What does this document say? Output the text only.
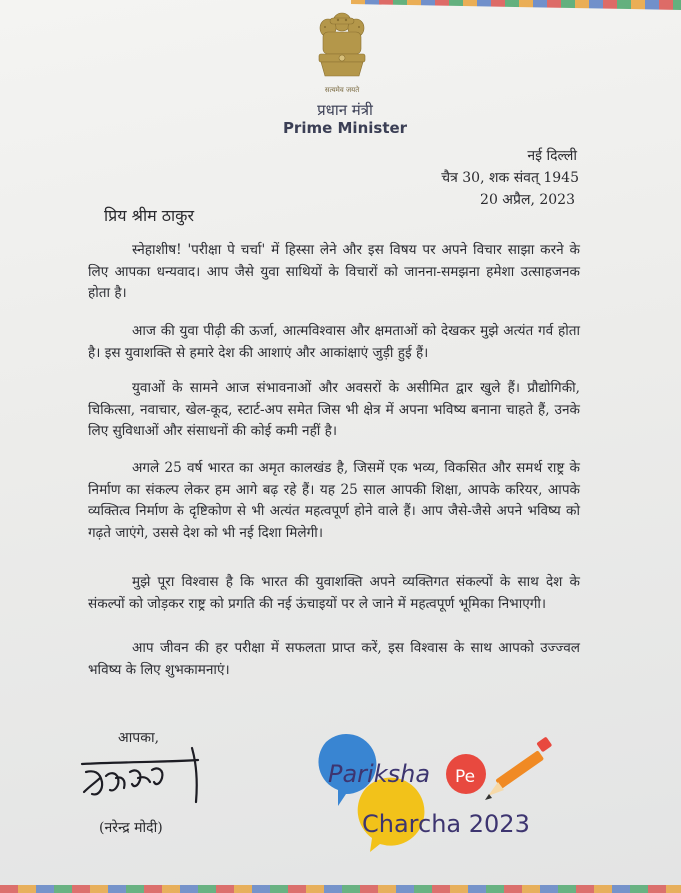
सत्यमेव जयते
प्रधान मंत्री
Prime Minister
नई दिल्ली
चैत्र 30, शक संवत् 1945
20 अप्रैल, 2023
प्रिय श्रीम ठाकुर
स्नेहाशीष! 'परीक्षा पे चर्चा' में हिस्सा लेने और इस विषय पर अपने विचार साझा करने के लिए आपका धन्यवाद। आप जैसे युवा साथियों के विचारों को जानना-समझना हमेशा उत्साहजनक होता है।
आज की युवा पीढ़ी की ऊर्जा, आत्मविश्वास और क्षमताओं को देखकर मुझे अत्यंत गर्व होता है। इस युवाशक्ति से हमारे देश की आशाएं और आकांक्षाएं जुड़ी हुई हैं।
युवाओं के सामने आज संभावनाओं और अवसरों के असीमित द्वार खुले हैं। प्रौद्योगिकी, चिकित्सा, नवाचार, खेल-कूद, स्टार्ट-अप समेत जिस भी क्षेत्र में अपना भविष्य बनाना चाहते हैं, उनके लिए सुविधाओं और संसाधनों की कोई कमी नहीं है।
अगले 25 वर्ष भारत का अमृत कालखंड है, जिसमें एक भव्य, विकसित और समर्थ राष्ट्र के निर्माण का संकल्प लेकर हम आगे बढ़ रहे हैं। यह 25 साल आपकी शिक्षा, आपके करियर, आपके व्यक्तित्व निर्माण के दृष्टिकोण से भी अत्यंत महत्वपूर्ण होने वाले हैं। आप जैसे-जैसे अपने भविष्य को गढ़ते जाएंगे, उससे देश को भी नई दिशा मिलेगी।
मुझे पूरा विश्वास है कि भारत की युवाशक्ति अपने व्यक्तिगत संकल्पों के साथ देश के संकल्पों को जोड़कर राष्ट्र को प्रगति की नई ऊंचाइयों पर ले जाने में महत्वपूर्ण भूमिका निभाएगी।
आप जीवन की हर परीक्षा में सफलता प्राप्त करें, इस विश्वास के साथ आपको उज्ज्वल भविष्य के लिए शुभकामनाएं।
आपका,
(नरेन्द्र मोदी)
Pariksha Pe
Charcha 2023
